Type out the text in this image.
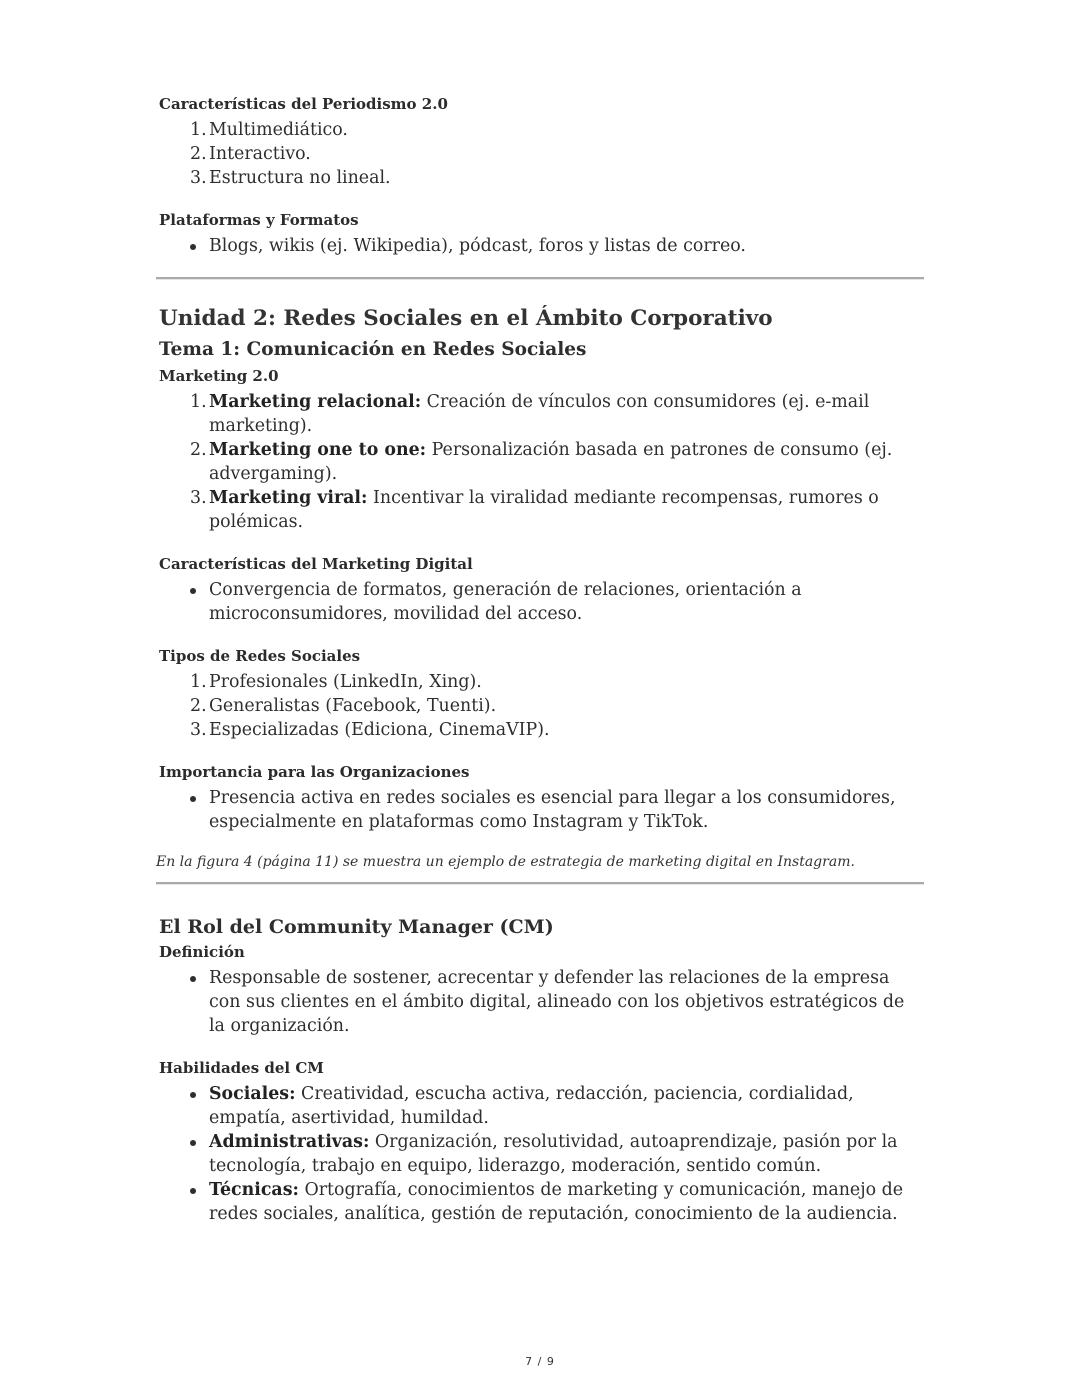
Características del Periodismo 2.0
1. Multimediático.
2. Interactivo.
3. Estructura no lineal.
Plataformas y Formatos
Blogs, wikis (ej. Wikipedia), pódcast, foros y listas de correo.
Unidad 2: Redes Sociales en el Ámbito Corporativo
Tema 1: Comunicación en Redes Sociales
Marketing 2.0
1. Marketing relacional: Creación de vínculos con consumidores (ej. e-mail marketing).
2. Marketing one to one: Personalización basada en patrones de consumo (ej. advergaming).
3. Marketing viral: Incentivar la viralidad mediante recompensas, rumores o polémicas.
Características del Marketing Digital
Convergencia de formatos, generación de relaciones, orientación a microconsumidores, movilidad del acceso.
Tipos de Redes Sociales
1. Profesionales (LinkedIn, Xing).
2. Generalistas (Facebook, Tuenti).
3. Especializadas (Ediciona, CinemaVIP).
Importancia para las Organizaciones
Presencia activa en redes sociales es esencial para llegar a los consumidores, especialmente en plataformas como Instagram y TikTok.
En la figura 4 (página 11) se muestra un ejemplo de estrategia de marketing digital en Instagram.
El Rol del Community Manager (CM)
Definición
Responsable de sostener, acrecentar y defender las relaciones de la empresa con sus clientes en el ámbito digital, alineado con los objetivos estratégicos de la organización.
Habilidades del CM
Sociales: Creatividad, escucha activa, redacción, paciencia, cordialidad, empatía, asertividad, humildad.
Administrativas: Organización, resolutividad, autoaprendizaje, pasión por la tecnología, trabajo en equipo, liderazgo, moderación, sentido común.
Técnicas: Ortografía, conocimientos de marketing y comunicación, manejo de redes sociales, analítica, gestión de reputación, conocimiento de la audiencia.
7 / 9
